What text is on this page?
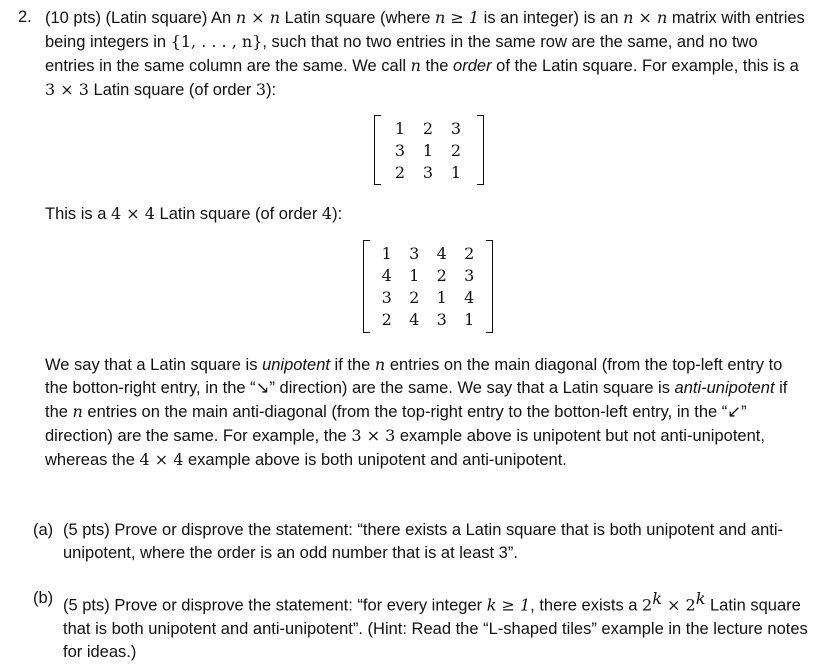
2. (10 pts) (Latin square) An n × n Latin square (where n ≥ 1 is an integer) is an n × n matrix with entries being integers in {1, . . . , n}, such that no two entries in the same row are the same, and no two entries in the same column are the same. We call n the order of the Latin square. For example, this is a 3 × 3 Latin square (of order 3):
1	2	3
3	1	2
2	3	1
This is a 4 × 4 Latin square (of order 4):
1	3	4	2
4	1	2	3
3	2	1	4
2	4	3	1
We say that a Latin square is unipotent if the n entries on the main diagonal (from the top-left entry to the botton-right entry, in the “↘” direction) are the same. We say that a Latin square is anti-unipotent if the n entries on the main anti-diagonal (from the top-right entry to the botton-left entry, in the “↙” direction) are the same. For example, the 3 × 3 example above is unipotent but not anti-unipotent, whereas the 4 × 4 example above is both unipotent and anti-unipotent.
(a) (5 pts) Prove or disprove the statement: “there exists a Latin square that is both unipotent and anti-unipotent, where the order is an odd number that is at least 3”.
(b) (5 pts) Prove or disprove the statement: “for every integer k ≥ 1, there exists a $2^k \times 2^k$ Latin square that is both unipotent and anti-unipotent”. (Hint: Read the “L-shaped tiles” example in the lecture notes for ideas.)
